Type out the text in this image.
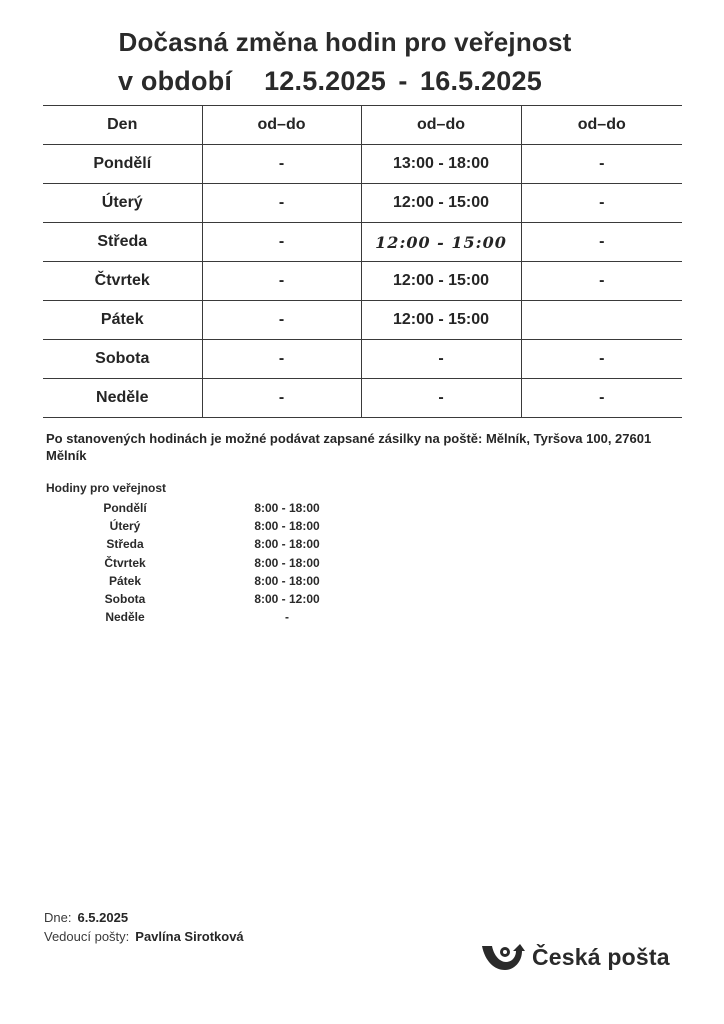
Dočasná změna hodin pro veřejnost
v období 12.5.2025 - 16.5.2025
Den	od–do	od–do	od–do
Pondělí	-	13:00 - 18:00	-
Úterý	-	12:00 - 15:00	-
Středa	-	12:00 - 15:00	-
Čtvrtek	-	12:00 - 15:00	-
Pátek	-	12:00 - 15:00	
Sobota	-	-	-
Neděle	-	-	-
Po stanovených hodinách je možné podávat zapsané zásilky na poště: Mělník, Tyršova 100, 27601 Mělník
Hodiny pro veřejnost
Pondělí	8:00 - 18:00
Úterý	8:00 - 18:00
Středa	8:00 - 18:00
Čtvrtek	8:00 - 18:00
Pátek	8:00 - 18:00
Sobota	8:00 - 12:00
Neděle	-
Dne: 6.5.2025
Vedoucí pošty: Pavlína Sirotková
Česká pošta
